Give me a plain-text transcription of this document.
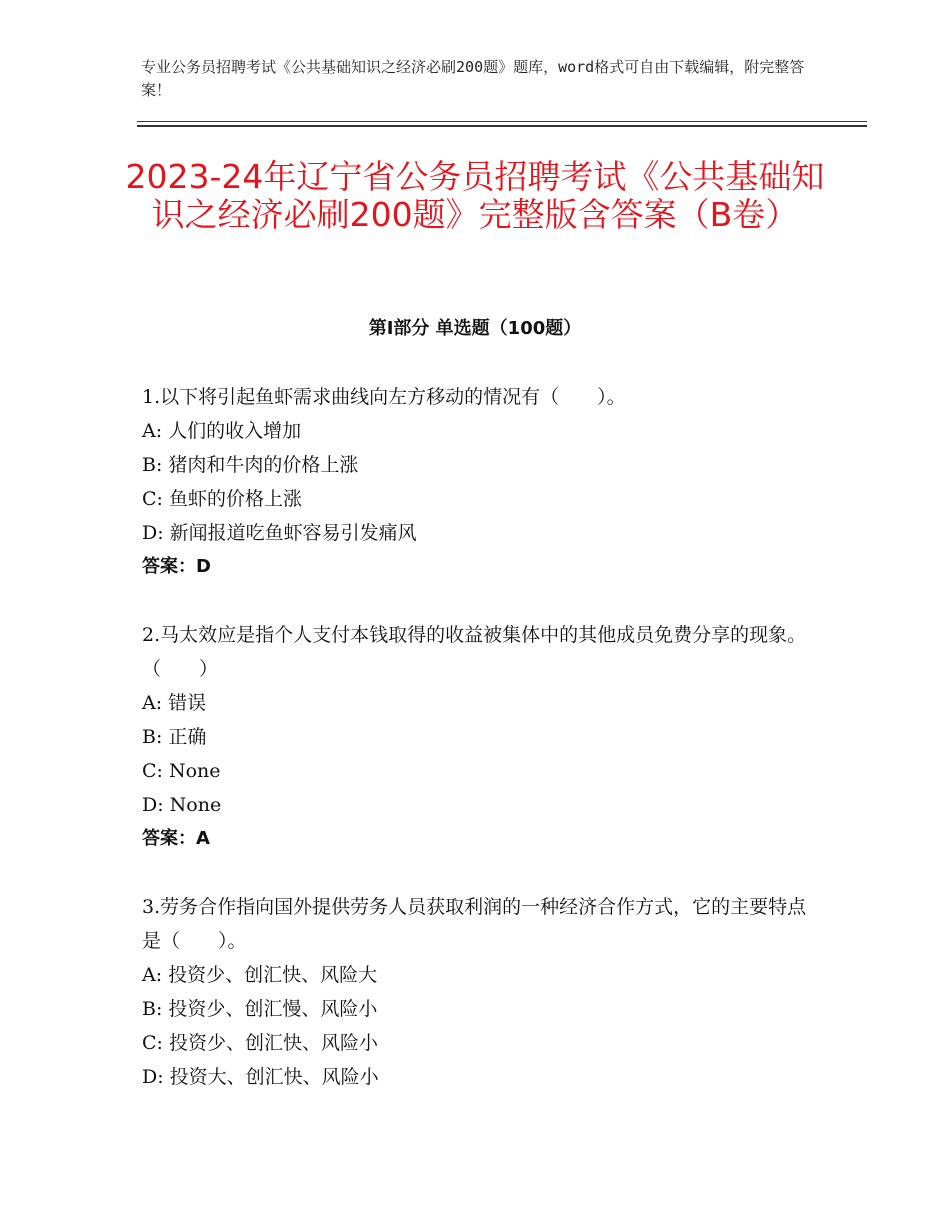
专业公务员招聘考试《公共基础知识之经济必刷200题》题库，word格式可自由下载编辑，附完整答案！

2023-24年辽宁省公务员招聘考试《公共基础知识之经济必刷200题》完整版含答案（B卷）
第Ⅰ部分 单选题（100题）

1.以下将引起鱼虾需求曲线向左方移动的情况有（　　）。

A: 人们的收入增加

B: 猪肉和牛肉的价格上涨

C: 鱼虾的价格上涨

D: 新闻报道吃鱼虾容易引发痛风

答案：D

2.马太效应是指个人支付本钱取得的收益被集体中的其他成员免费分享的现象。（　　）

A: 错误

B: 正确

C: None

D: None

答案：A

3.劳务合作指向国外提供劳务人员获取利润的一种经济合作方式，它的主要特点是（　　）。

A: 投资少、创汇快、风险大

B: 投资少、创汇慢、风险小

C: 投资少、创汇快、风险小

D: 投资大、创汇快、风险小
